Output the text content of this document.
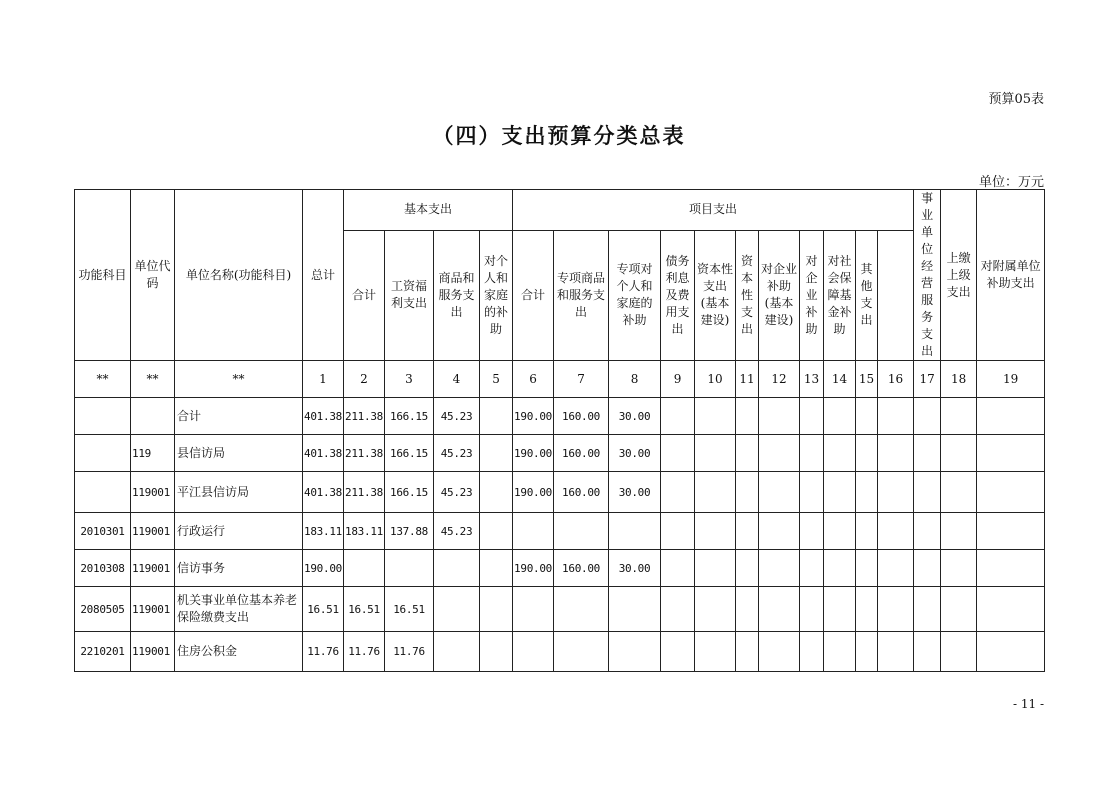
预算05表
（四）支出预算分类总表
单位：万元
功能科目	单位代码	单位名称(功能科目)	总计	基本支出				项目支出											事业单位经营服务支出	上缴上级支出	对附属单位补助支出	
				合计	工资福利支出	商品和服务支出	对个人和家庭的补助	合计	专项商品和服务支出	专项对个人和家庭的补助	债务利息及费用支出	资本性支出(基本建设)	资本性支出	对企业补助(基本建设)	对企业补助	对社会保障基金补助	其他支出					
**	**	**	1	2	3	4	5	6	7	8	9	10	11	12	13	14	15	16	17	18	19	
		合计	401.38	211.38	166.15	45.23		190.00	160.00	30.00												
	119	县信访局	401.38	211.38	166.15	45.23		190.00	160.00	30.00												
	119001	平江县信访局	401.38	211.38	166.15	45.23		190.00	160.00	30.00												
2010301	119001	行政运行	183.11	183.11	137.88	45.23																
2010308	119001	信访事务	190.00					190.00	160.00	30.00												
2080505	119001	机关事业单位基本养老保险缴费支出	16.51	16.51	16.51																	
2210201	119001	住房公积金	11.76	11.76	11.76																	
- 11 -
